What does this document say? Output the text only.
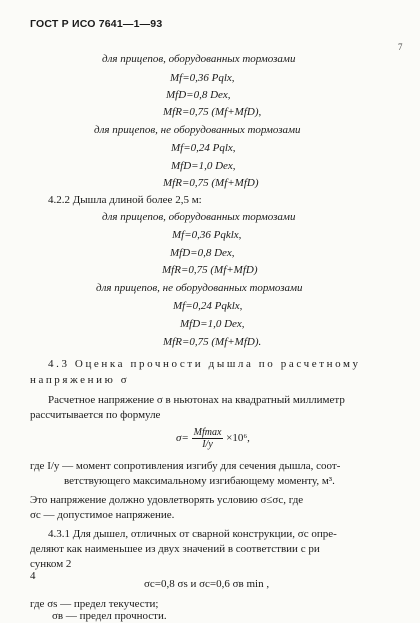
ГОСТ Р ИСО 7641—1—93
7
для прицепов, оборудованных тормозами
Mf=0,36 Pqlx,
MfD=0,8 Dex,
MfR=0,75 (Mf+MfD),
для прицепов, не оборудованных тормозами
Mf=0,24 Pqlx,
MfD=1,0 Dex,
MfR=0,75 (Mf+MfD)
4.2.2 Дышла длиной более 2,5 м:
для прицепов, оборудованных тормозами
Mf=0,36 Pqklx,
MfD=0,8 Dex,
MfR=0,75 (Mf+MfD)
для прицепов, не оборудованных тормозами
Mf=0,24 Pqklx,
MfD=1,0 Dex,
MfR=0,75 (Mf+MfD).
4.3 Оценка прочности дышла по расчетному
напряжению σ
Расчетное напряжение σ в ньютонах на квадратный миллиметр
рассчитывается по формуле
$\sigma= \frac{Mfmax}{I/y} \times 10^6$,
где I/y — момент сопротивления изгибу для сечения дышла, соот-
ветствующего максимальному изгибающему моменту, м³.
Это напряжение должно удовлетворять условию σ≤σc, где
σc — допустимое напряжение.
4.3.1 Для дышел, отличных от сварной конструкции, σc опре-
деляют как наименьшее из двух значений в соответствии с ри
сунком 2
σc=0,8 σs и σc=0,6 σв min ,
где σs — предел текучести;
σв — предел прочности.
4
